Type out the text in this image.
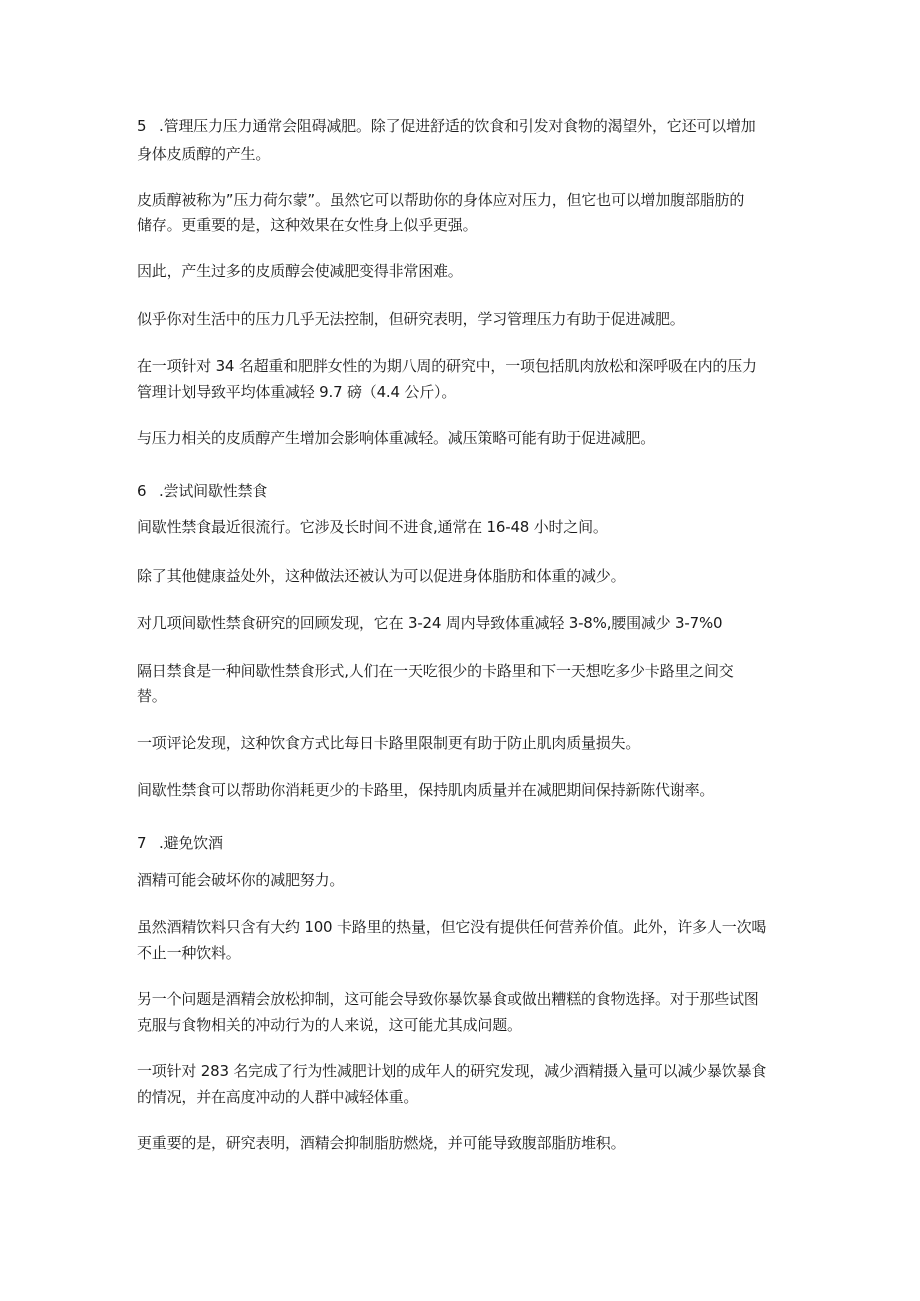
5 .管理压力压力通常会阻碍减肥。除了促进舒适的饮食和引发对食物的渴望外，它还可以增加
身体皮质醇的产生。
皮质醇被称为”压力荷尔蒙”。虽然它可以帮助你的身体应对压力，但它也可以增加腹部脂肪的
储存。更重要的是，这种效果在女性身上似乎更强。
因此，产生过多的皮质醇会使减肥变得非常困难。
似乎你对生活中的压力几乎无法控制，但研究表明，学习管理压力有助于促进减肥。
在一项针对 34 名超重和肥胖女性的为期八周的研究中，一项包括肌肉放松和深呼吸在内的压力
管理计划导致平均体重减轻 9.7 磅（4.4 公斤）。
与压力相关的皮质醇产生增加会影响体重减轻。减压策略可能有助于促进减肥。
6 .尝试间歇性禁食
间歇性禁食最近很流行。它涉及长时间不进食,通常在 16-48 小时之间。
除了其他健康益处外，这种做法还被认为可以促进身体脂肪和体重的减少。
对几项间歇性禁食研究的回顾发现，它在 3-24 周内导致体重减轻 3-8%,腰围减少 3-7%0
隔日禁食是一种间歇性禁食形式,人们在一天吃很少的卡路里和下一天想吃多少卡路里之间交
替。
一项评论发现，这种饮食方式比每日卡路里限制更有助于防止肌肉质量损失。
间歇性禁食可以帮助你消耗更少的卡路里，保持肌肉质量并在减肥期间保持新陈代谢率。
7 .避免饮酒
酒精可能会破坏你的减肥努力。
虽然酒精饮料只含有大约 100 卡路里的热量，但它没有提供任何营养价值。此外，许多人一次喝
不止一种饮料。
另一个问题是酒精会放松抑制，这可能会导致你暴饮暴食或做出糟糕的食物选择。对于那些试图
克服与食物相关的冲动行为的人来说，这可能尤其成问题。
一项针对 283 名完成了行为性减肥计划的成年人的研究发现，减少酒精摄入量可以减少暴饮暴食
的情况，并在高度冲动的人群中减轻体重。
更重要的是，研究表明，酒精会抑制脂肪燃烧，并可能导致腹部脂肪堆积。
